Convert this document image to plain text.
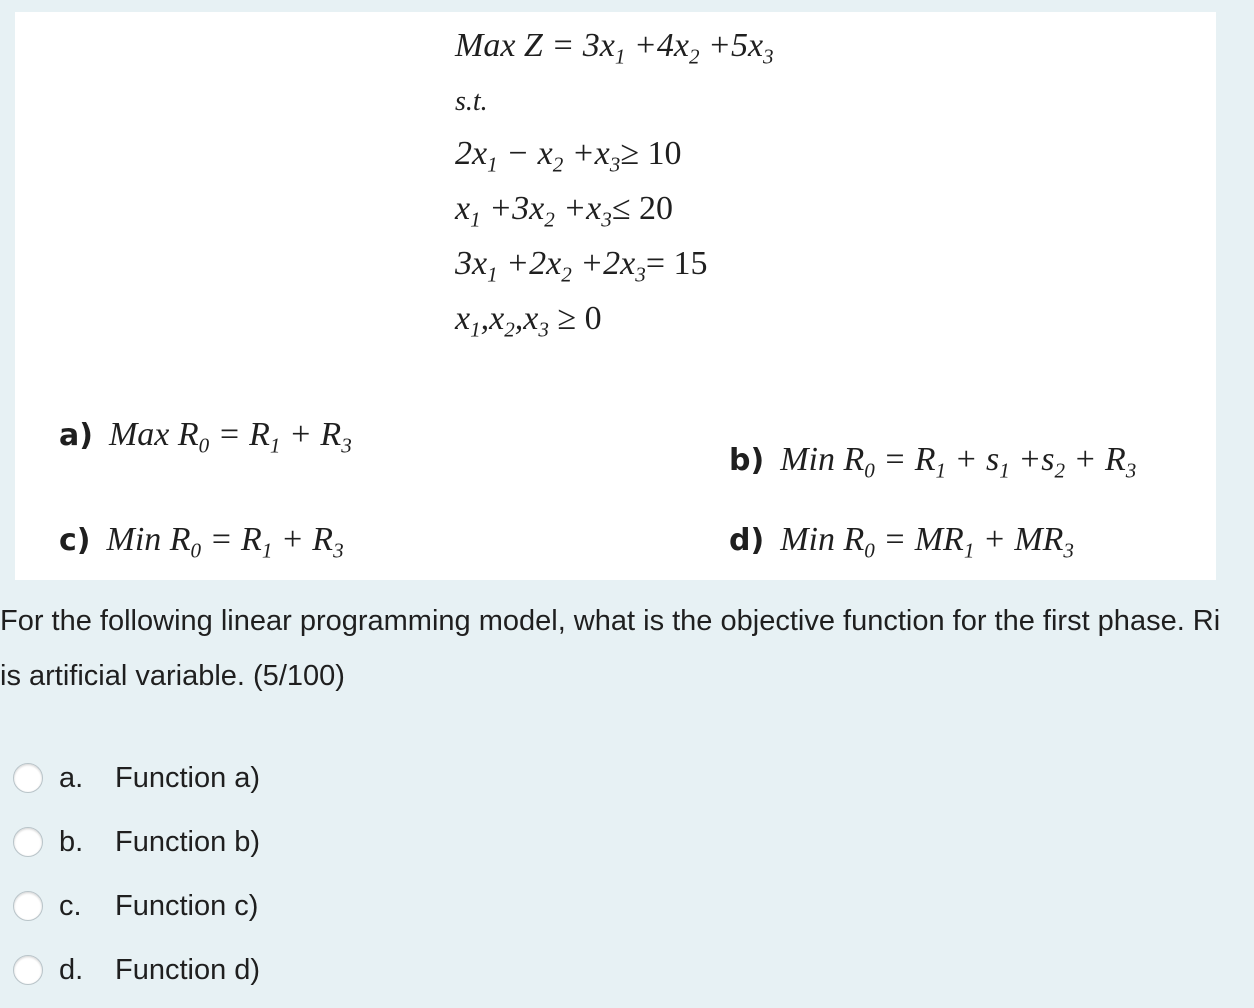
Max $Z = 3x_1 +4x_2 +5x_3$
s.t.
$2x_1 - x_2 +x_3\ge 10$
$x_1 +3x_2 +x_3\le 20$
$3x_1 +2x_2 +2x_3= 15$
$x_1,x_2,x_3 \ge 0$
a) Max $R_0 = R_1 + R_3$	b) Min $R_0 = R_1 + s_1 +s_2 + R_3$
c) Min $R_0 = R_1 + R_3$	d) Min $R_0 = MR_1 + MR_3$
For the following linear programming model, what is the objective function for the first phase. Ri is artificial variable. (5/100)
a.	Function a)
b.	Function b)
c.	Function c)
d.	Function d)
